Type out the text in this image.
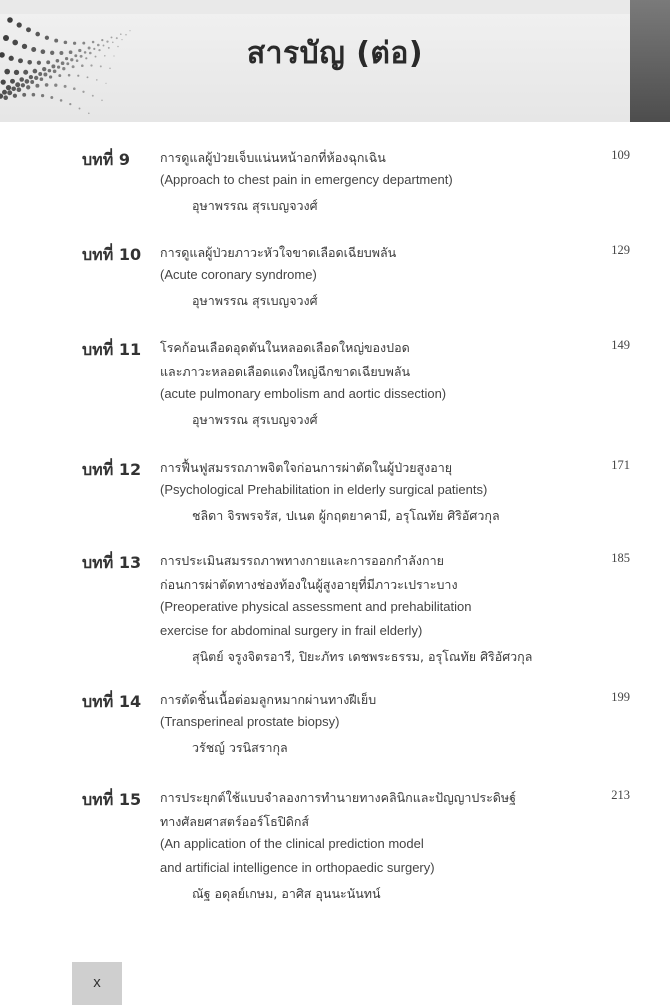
สารบัญ (ต่อ)
บทที่ 9	109
การดูแลผู้ป่วยเจ็บแน่นหน้าอกที่ห้องฉุกเฉิน
(Approach to chest pain in emergency department)
อุษาพรรณ สุรเบญจวงศ์
บทที่ 10	129
การดูแลผู้ป่วยภาวะหัวใจขาดเลือดเฉียบพลัน
(Acute coronary syndrome)
อุษาพรรณ สุรเบญจวงศ์
บทที่ 11	149
โรคก้อนเลือดอุดตันในหลอดเลือดใหญ่ของปอด
และภาวะหลอดเลือดแดงใหญ่ฉีกขาดเฉียบพลัน
(acute pulmonary embolism and aortic dissection)
อุษาพรรณ สุรเบญจวงศ์
บทที่ 12	171
การฟื้นฟูสมรรถภาพจิตใจก่อนการผ่าตัดในผู้ป่วยสูงอายุ
(Psychological Prehabilitation in elderly surgical patients)
ชลิดา จิรพรจรัส, ปเนต ผู้กฤตยาคามี, อรุโณทัย ศิริอัศวกุล
บทที่ 13	185
การประเมินสมรรถภาพทางกายและการออกกำลังกาย
ก่อนการผ่าตัดทางช่องท้องในผู้สูงอายุที่มีภาวะเปราะบาง
(Preoperative physical assessment and prehabilitation
exercise for abdominal surgery in frail elderly)
สุนิตย์ จรูงจิตรอารี, ปิยะภัทร เดชพระธรรม, อรุโณทัย ศิริอัศวกุล
บทที่ 14	199
การตัดชิ้นเนื้อต่อมลูกหมากผ่านทางฝีเย็บ
(Transperineal prostate biopsy)
วรัชญ์ วรนิสรากุล
บทที่ 15	213
การประยุกต์ใช้แบบจำลองการทำนายทางคลินิกและปัญญาประดิษฐ์
ทางศัลยศาสตร์ออร์โธปิดิกส์
(An application of the clinical prediction model
and artificial intelligence in orthopaedic surgery)
ณัฐ อดุลย์เกษม, อาศิส อุนนะนันทน์
x
